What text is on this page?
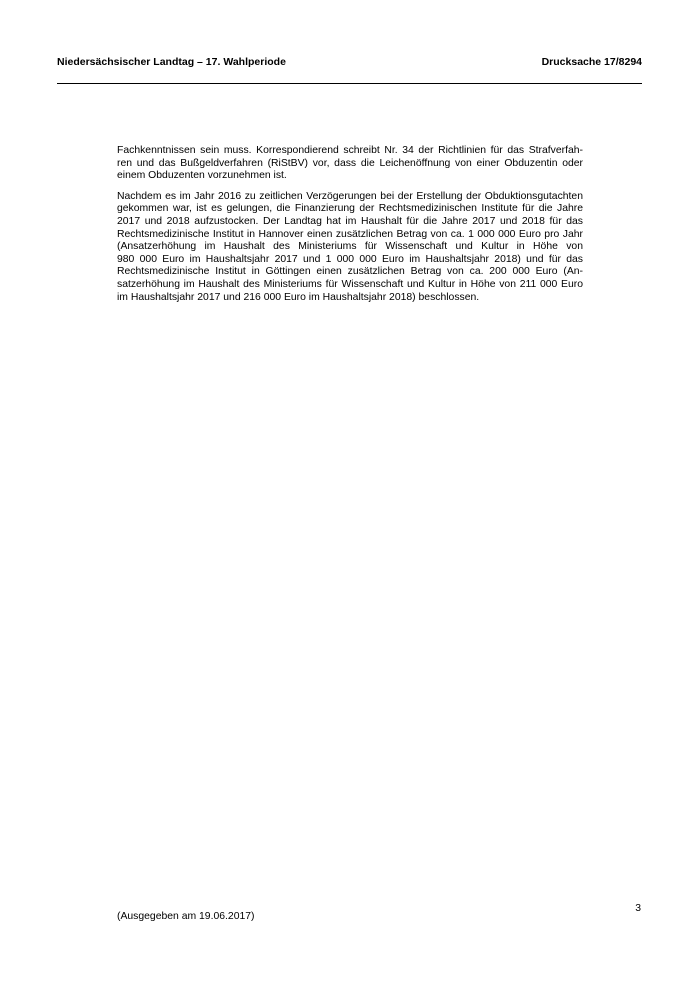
Niedersächsischer Landtag – 17. Wahlperiode	Drucksache 17/8294

Fachkenntnissen sein muss. Korrespondierend schreibt Nr. 34 der Richtlinien für das Strafverfah-
ren und das Bußgeldverfahren (RiStBV) vor, dass die Leichenöffnung von einer Obduzentin oder
einem Obduzenten vorzunehmen ist.

Nachdem es im Jahr 2016 zu zeitlichen Verzögerungen bei der Erstellung der Obduktionsgutachten
gekommen war, ist es gelungen, die Finanzierung der Rechtsmedizinischen Institute für die Jahre
2017 und 2018 aufzustocken. Der Landtag hat im Haushalt für die Jahre 2017 und 2018 für das
Rechtsmedizinische Institut in Hannover einen zusätzlichen Betrag von ca. 1 000 000 Euro pro Jahr
(Ansatzerhöhung im Haushalt des Ministeriums für Wissenschaft und Kultur in Höhe von
980 000 Euro im Haushaltsjahr 2017 und 1 000 000 Euro im Haushaltsjahr 2018) und für das
Rechtsmedizinische Institut in Göttingen einen zusätzlichen Betrag von ca. 200 000 Euro (An-
satzerhöhung im Haushalt des Ministeriums für Wissenschaft und Kultur in Höhe von 211 000 Euro
im Haushaltsjahr 2017 und 216 000 Euro im Haushaltsjahr 2018) beschlossen.

(Ausgegeben am 19.06.2017)
3
